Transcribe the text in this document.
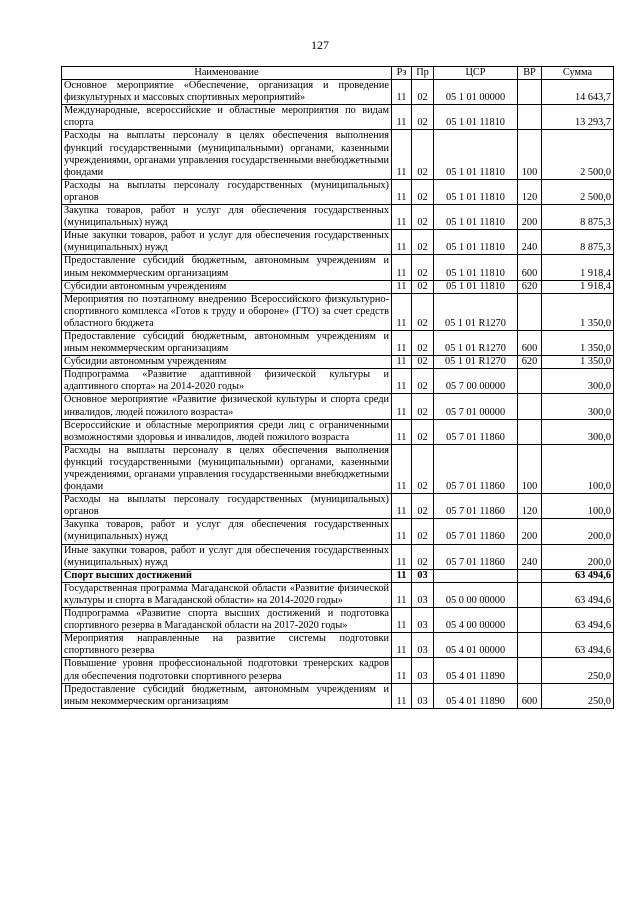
127
Наименование	Рз	Пр	ЦСР	ВР	Сумма
Основное мероприятие «Обеспечение, организация и проведение физкультурных и массовых спортивных мероприятий»	11	02	05 1 01 00000		14 643,7
Международные, всероссийские и областные мероприятия по видам спорта	11	02	05 1 01 11810		13 293,7
Расходы на выплаты персоналу в целях обеспечения выполнения функций государственными (муниципальными) органами, казенными учреждениями, органами управления государственными внебюджетными фондами	11	02	05 1 01 11810	100	2 500,0
Расходы на выплаты персоналу государственных (муниципальных) органов	11	02	05 1 01 11810	120	2 500,0
Закупка товаров, работ и услуг для обеспечения государственных (муниципальных) нужд	11	02	05 1 01 11810	200	8 875,3
Иные закупки товаров, работ и услуг для обеспечения государственных (муниципальных) нужд	11	02	05 1 01 11810	240	8 875,3
Предоставление субсидий бюджетным, автономным учреждениям и иным некоммерческим организациям	11	02	05 1 01 11810	600	1 918,4
Субсидии автономным учреждениям	11	02	05 1 01 11810	620	1 918,4
Мероприятия по поэтапному внедрению Всероссийского физкультурно-спортивного комплекса «Готов к труду и обороне» (ГТО) за счет средств областного бюджета	11	02	05 1 01 R1270		1 350,0
Предоставление субсидий бюджетным, автономным учреждениям и иным некоммерческим организациям	11	02	05 1 01 R1270	600	1 350,0
Субсидии автономным учреждениям	11	02	05 1 01 R1270	620	1 350,0
Подпрограмма «Развитие адаптивной физической культуры и адаптивного спорта» на 2014-2020 годы»	11	02	05 7 00 00000		300,0
Основное мероприятие «Развитие физической культуры и спорта среди инвалидов, людей пожилого возраста»	11	02	05 7 01 00000		300,0
Всероссийские и областные мероприятия среди лиц с ограниченными возможностями здоровья и инвалидов, людей пожилого возраста	11	02	05 7 01 11860		300,0
Расходы на выплаты персоналу в целях обеспечения выполнения функций государственными (муниципальными) органами, казенными учреждениями, органами управления государственными внебюджетными фондами	11	02	05 7 01 11860	100	100,0
Расходы на выплаты персоналу государственных (муниципальных) органов	11	02	05 7 01 11860	120	100,0
Закупка товаров, работ и услуг для обеспечения государственных (муниципальных) нужд	11	02	05 7 01 11860	200	200,0
Иные закупки товаров, работ и услуг для обеспечения государственных (муниципальных) нужд	11	02	05 7 01 11860	240	200,0
Спорт высших достижений	11	03			63 494,6
Государственная программа Магаданской области «Развитие физической культуры и спорта в Магаданской области» на 2014-2020 годы»	11	03	05 0 00 00000		63 494,6
Подпрограмма «Развитие спорта высших достижений и подготовка спортивного резерва в Магаданской области на 2017-2020 годы»	11	03	05 4 00 00000		63 494,6
Мероприятия направленные на развитие системы подготовки спортивного резерва	11	03	05 4 01 00000		63 494,6
Повышение уровня профессиональной подготовки тренерских кадров для обеспечения подготовки спортивного резерва	11	03	05 4 01 11890		250,0
Предоставление субсидий бюджетным, автономным учреждениям и иным некоммерческим организациям	11	03	05 4 01 11890	600	250,0
